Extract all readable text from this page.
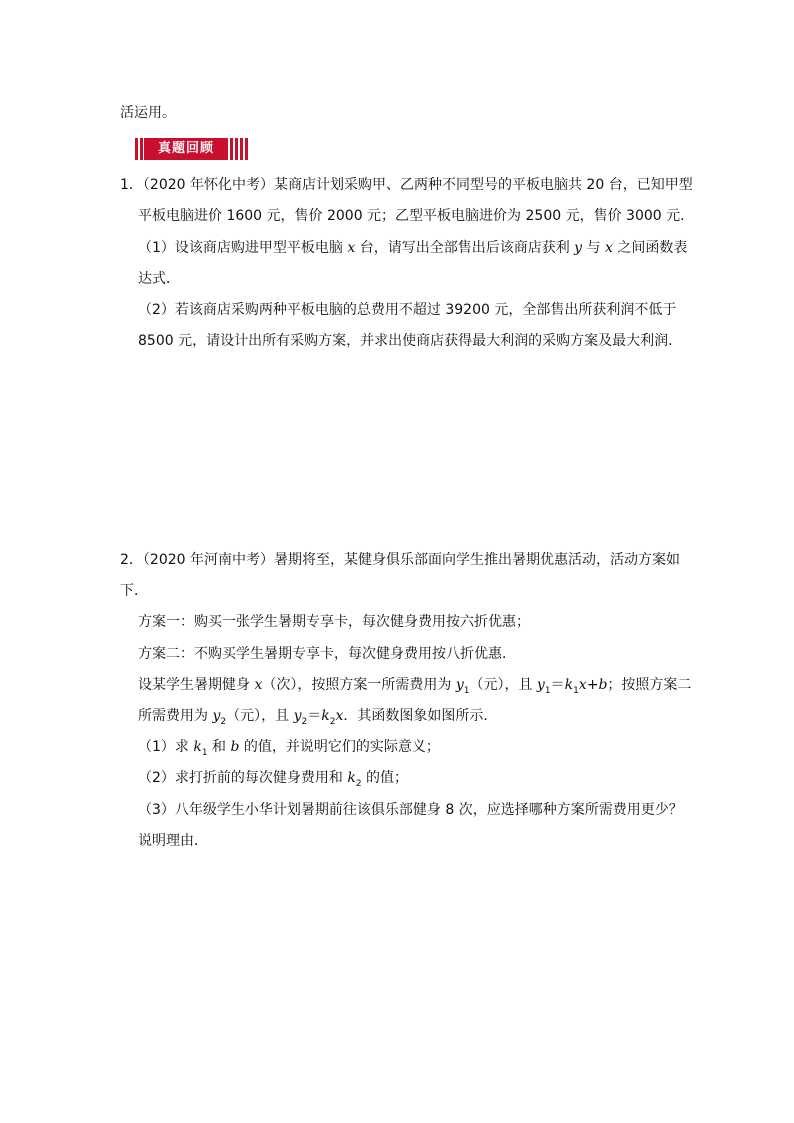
活运用。
真题回顾
1．（2020 年怀化中考）某商店计划采购甲、乙两种不同型号的平板电脑共 20 台，已知甲型
平板电脑进价 1600 元，售价 2000 元；乙型平板电脑进价为 2500 元，售价 3000 元．
（1）设该商店购进甲型平板电脑 x 台，请写出全部售出后该商店获利 y 与 x 之间函数表
达式．
（2）若该商店采购两种平板电脑的总费用不超过 39200 元，全部售出所获利润不低于
8500 元，请设计出所有采购方案，并求出使商店获得最大利润的采购方案及最大利润．
2．（2020 年河南中考）暑期将至，某健身俱乐部面向学生推出暑期优惠活动，活动方案如
下．
方案一：购买一张学生暑期专享卡，每次健身费用按六折优惠；
方案二：不购买学生暑期专享卡，每次健身费用按八折优惠．
设某学生暑期健身 x（次），按照方案一所需费用为 $y_1$（元），且 $y_1=k_1x+b$；按照方案二
所需费用为 $y_2$（元），且 $y_2=k_2x$．其函数图象如图所示．
（1）求 $k_1$ 和 b 的值，并说明它们的实际意义；
（2）求打折前的每次健身费用和 $k_2$ 的值；
（3）八年级学生小华计划暑期前往该俱乐部健身 8 次，应选择哪种方案所需费用更少？
说明理由．
